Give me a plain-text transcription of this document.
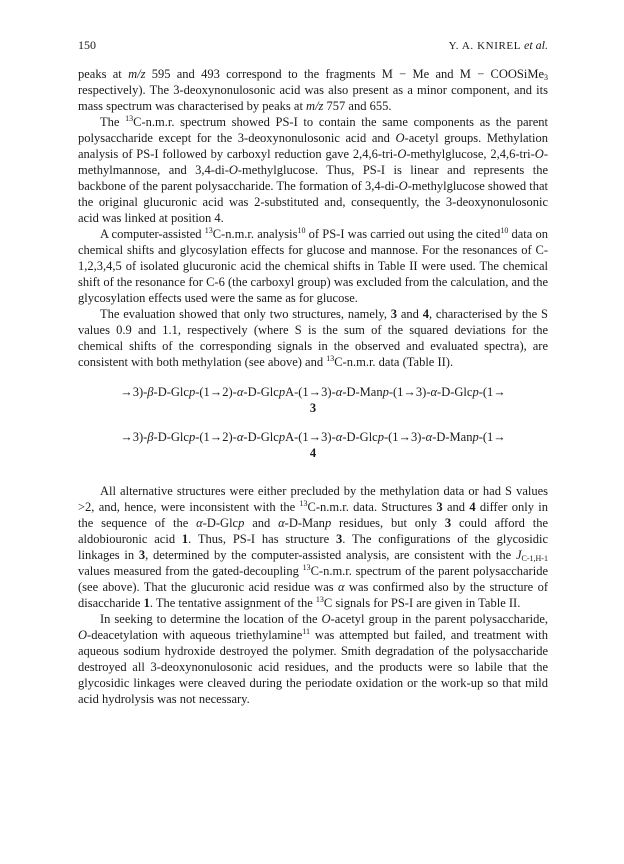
150	Y. A. KNIREL et al.

peaks at m/z 595 and 493 correspond to the fragments M − Me and M − COOSiMe$_3$ respectively). The 3-deoxynonulosonic acid was also present as a minor component, and its mass spectrum was characterised by peaks at m/z 757 and 655.

The $^{13}$C-n.m.r. spectrum showed PS-I to contain the same components as the parent polysaccharide except for the 3-deoxynonulosonic acid and O-acetyl groups. Methylation analysis of PS-I followed by carboxyl reduction gave 2,4,6-tri-O-methylglucose, 2,4,6-tri-O-methylmannose, and 3,4-di-O-methylglucose. Thus, PS-I is linear and represents the backbone of the parent polysaccharide. The formation of 3,4-di-O-methylglucose showed that the original glucuronic acid was 2-substituted and, consequently, the 3-deoxynonulosonic acid was linked at position 4.

A computer-assisted $^{13}$C-n.m.r. analysis$^{10}$ of PS-I was carried out using the cited$^{10}$ data on chemical shifts and glycosylation effects for glucose and mannose. For the resonances of C-1,2,3,4,5 of isolated glucuronic acid the chemical shifts in Table II were used. The chemical shift of the resonance for C-6 (the carboxyl group) was excluded from the calculation, and the glycosylation effects used were the same as for glucose.

The evaluation showed that only two structures, namely, 3 and 4, characterised by the S values 0.9 and 1.1, respectively (where S is the sum of the squared deviations for the chemical shifts of the corresponding signals in the observed and evaluated spectra), are consistent with both methylation (see above) and $^{13}$C-n.m.r. data (Table II).

→3)-β-D-Glcp-(1→2)-α-D-GlcpA-(1→3)-α-D-Manp-(1→3)-α-D-Glcp-(1→

3

→3)-β-D-Glcp-(1→2)-α-D-GlcpA-(1→3)-α-D-Glcp-(1→3)-α-D-Manp-(1→

4

All alternative structures were either precluded by the methylation data or had S values >2, and, hence, were inconsistent with the $^{13}$C-n.m.r. data. Structures 3 and 4 differ only in the sequence of the α-D-Glcp and α-D-Manp residues, but only 3 could afford the aldobiouronic acid 1. Thus, PS-I has structure 3. The configurations of the glycosidic linkages in 3, determined by the computer-assisted analysis, are consistent with the $J_{C-1,H-1}$ values measured from the gated-decoupling $^{13}$C-n.m.r. spectrum of the parent polysaccharide (see above). That the glucuronic acid residue was α was confirmed also by the structure of disaccharide 1. The tentative assignment of the $^{13}$C signals for PS-I are given in Table II.

In seeking to determine the location of the O-acetyl group in the parent polysaccharide, O-deacetylation with aqueous triethylamine$^{11}$ was attempted but failed, and treatment with aqueous sodium hydroxide destroyed the polymer. Smith degradation of the polysaccharide destroyed all 3-deoxynonulosonic acid residues, and the products were so labile that the glycosidic linkages were cleaved during the periodate oxidation or the work-up so that mild acid hydrolysis was not necessary.
